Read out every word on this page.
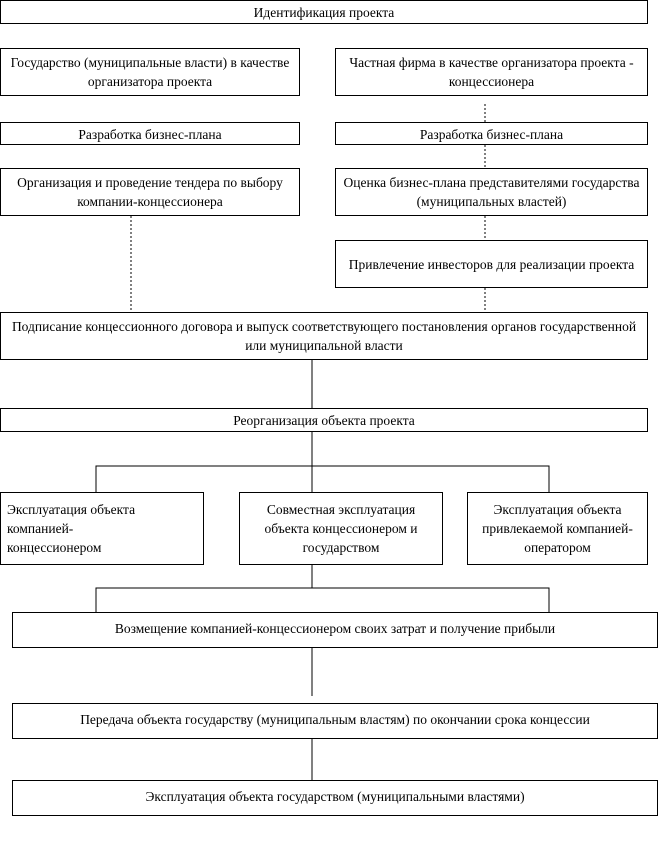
Идентификация проекта
Государство (муниципальные власти) в качестве организатора проекта
Частная фирма в качестве организатора проекта - концессионера
Разработка бизнес-плана	Разработка бизнес-плана
Организация и проведение тендера по выбору компании-концессионера
Оценка бизнес-плана представителями государства (муниципальных властей)
Привлечение инвесторов для реализации проекта
Подписание концессионного договора и выпуск соответствующего постановления органов государственной или муниципальной власти
Реорганизация объекта проекта
Эксплуатация объекта компанией-концессионером
Совместная эксплуатация объекта концессионером и государством
Эксплуатация объекта привлекаемой компанией-оператором
Возмещение компанией-концессионером своих затрат и получение прибыли
Передача объекта государству (муниципальным властям) по окончании срока концессии
Эксплуатация объекта государством (муниципальными властями)
